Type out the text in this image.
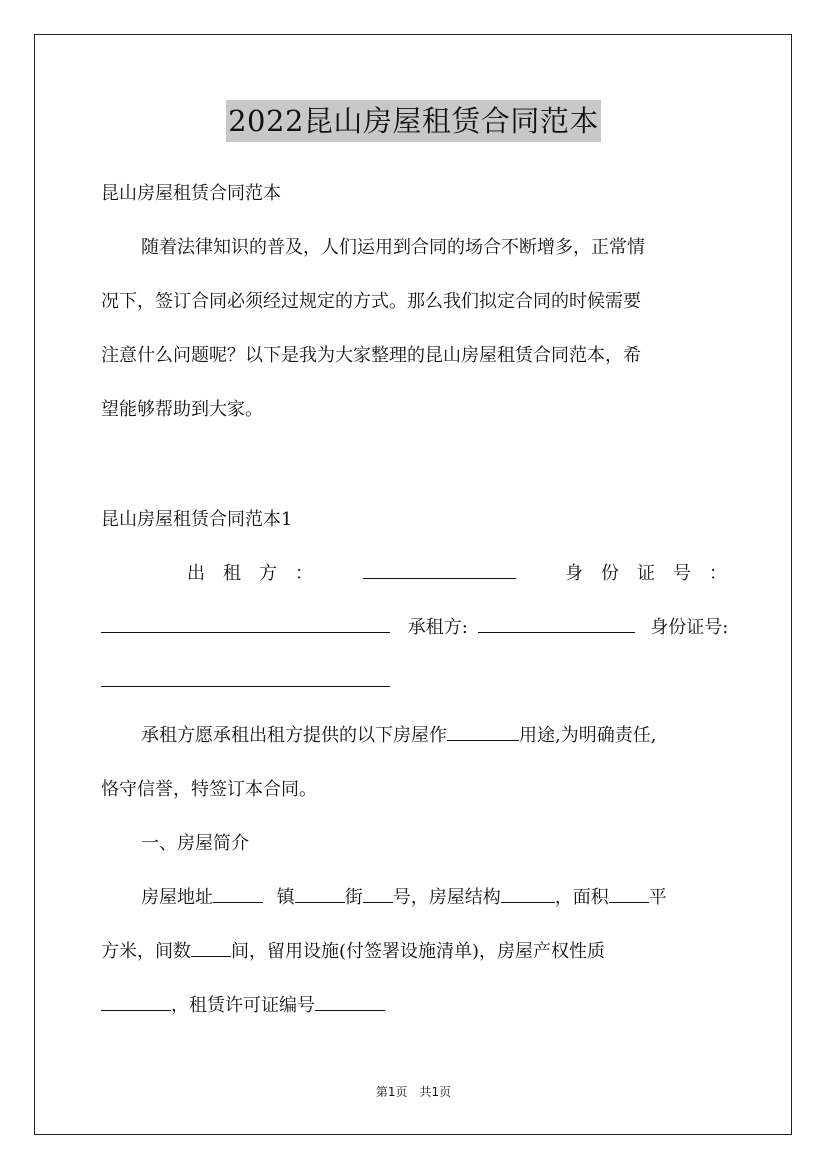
2022昆山房屋租赁合同范本

昆山房屋租赁合同范本

随着法律知识的普及，人们运用到合同的场合不断增多，正常情

况下，签订合同必须经过规定的方式。那么我们拟定合同的时候需要

注意什么问题呢？以下是我为大家整理的昆山房屋租赁合同范本，希

望能够帮助到大家。

昆山房屋租赁合同范本1

出　租　方　：	身　份　证　号　：

承租方:	身份证号:

承租方愿承租出租方提供的以下房屋作	用途,为明确责任,

恪守信誉，特签订本合同。

一、房屋简介

房屋地址	镇	街 号，房屋结构	，面积 平

方米，间数 间，留用设施(付签署设施清单)，房屋产权性质

，租赁许可证编号

第1页　共1页
